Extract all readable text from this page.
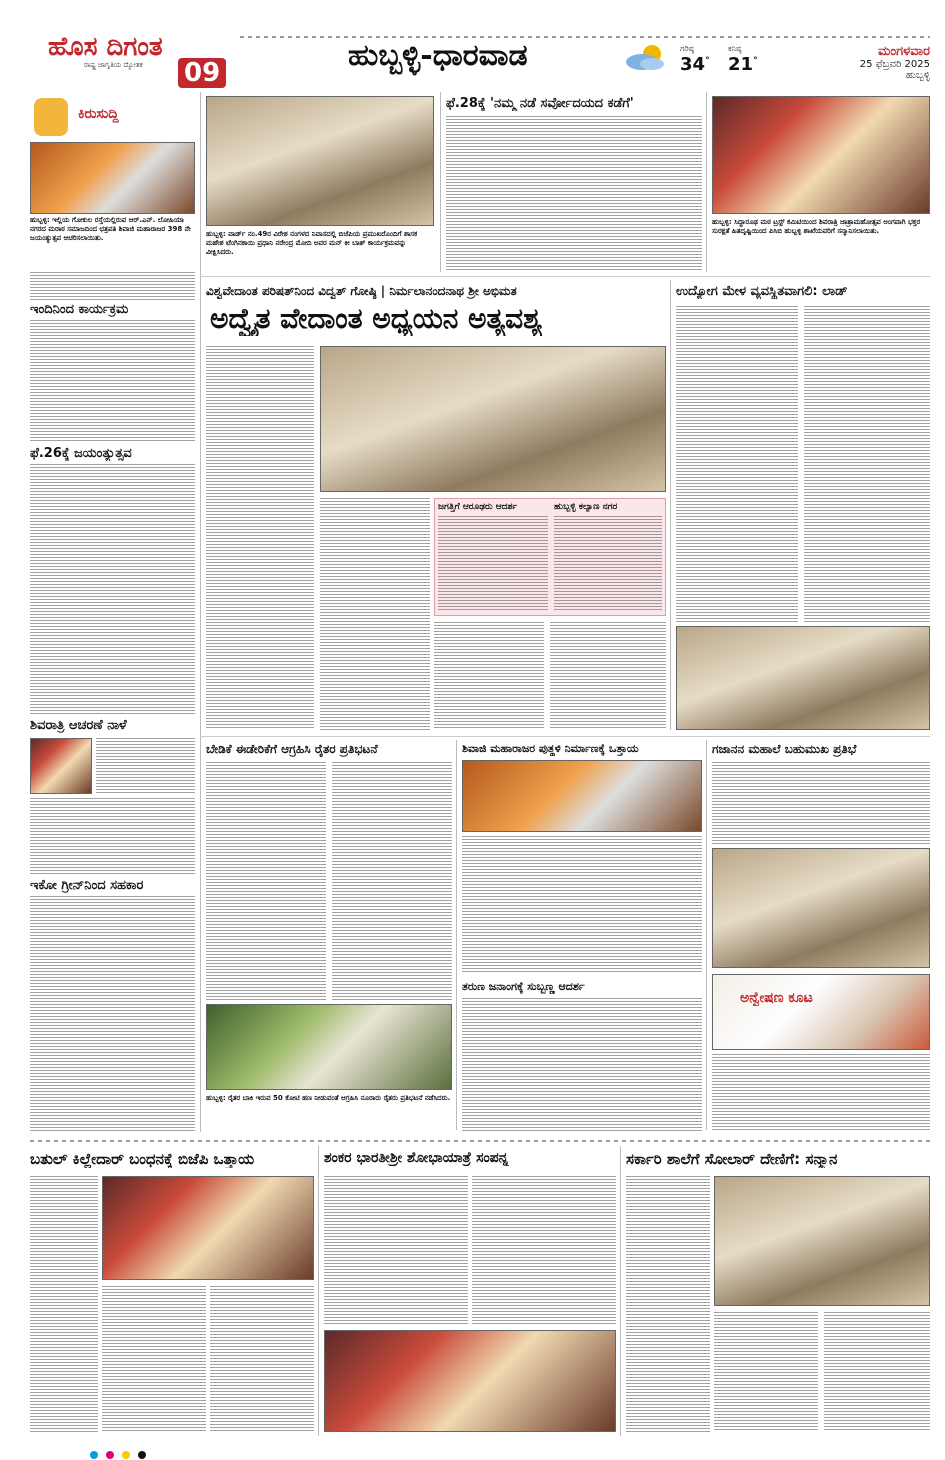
ಹೊಸ ದಿಗಂತ
ರಾಷ್ಟ್ರ ಜಾಗೃತಿಯ ದ್ಯೋತಕ 09	ಹುಬ್ಬಳ್ಳಿ-ಧಾರವಾಡ	ಗರಿಷ್ಠ
34°
ಕನಿಷ್ಠ
21°
ಮಂಗಳವಾರ
25 ಫೆಬ್ರವರಿ 2025
ಹುಬ್ಬಳ್ಳಿ
ಕಿರುಸುದ್ದಿ
ಹುಬ್ಬಳ್ಳಿ: ಇಲ್ಲಿಯ ಗೋಕುಲ ರಸ್ತೆಯಲ್ಲಿರುವ ಆರ್.ಎನ್. ಲೋಹಿಯಾ ನಗರದ ಮರಾಠ ಸಮಾಜದಿಂದ ಛತ್ರಪತಿ ಶಿವಾಜಿ ಮಹಾರಾಜರ 398 ನೇ ಜಯಂತ್ಯುತ್ಸವ ಆಚರಿಸಲಾಯಿತು.
ಇಂದಿನಿಂದ ಕಾರ್ಯಕ್ರಮ
ಫೆ.26ಕ್ಕೆ ಜಯಂತ್ಯುತ್ಸವ
ಶಿವರಾತ್ರಿ ಆಚರಣೆ ನಾಳೆ
ಇಕೋ ಗ್ರೀನ್‌ನಿಂದ ಸಹಕಾರ
ಹುಬ್ಬಳ್ಳಿ: ವಾರ್ಡ್ ನಂ.49ರ ವಿರೇಶ ನಂಗಳದ ನಿವಾಸದಲ್ಲಿ ಬಿಜೆಪಿಯ ಪ್ರಮುಖರೊಂದಿಗೆ ಶಾಸಕ ಮಹೇಶ ಟೆಂಗಿನಕಾಯಿ ಪ್ರಧಾನಿ ನರೇಂದ್ರ ಮೋದಿ ಅವರ ಮನ್ ಕೀ ಬಾತ್ ಕಾರ್ಯಕ್ರಮವನ್ನು ವೀಕ್ಷಿಸಿದರು.
ಫೆ.28ಕ್ಕೆ 'ನಮ್ಮ ನಡೆ ಸರ್ವೋದಯದ ಕಡೆಗೆ'
ಹುಬ್ಬಳ್ಳಿ: ಸಿದ್ಧಾರೂಢ ಮಠ ಟ್ರಸ್ಟ್ ಕಮಿಟಿಯಿಂದ ಶಿವರಾತ್ರಿ ಜಾತ್ರಾಮಹೋತ್ಸವ ಅಂಗವಾಗಿ ಭಕ್ತರ ಸುರಕ್ಷತೆ ಹಿತದೃಷ್ಟಿಯಿಂದ ಪಿಸಿಬಿ ಹುಬ್ಬಳ್ಳಿ ಶಾಖೆಯವರಿಗೆ ಸನ್ಮಾನಿಸಲಾಯಿತು.
ವಿಶ್ವವೇದಾಂತ ಪರಿಷತ್‌ನಿಂದ ವಿದ್ವತ್ ಗೋಷ್ಠಿ | ನಿರ್ಮಲಾನಂದನಾಥ ಶ್ರೀ ಅಭಿಮತ
ಅದ್ವೈತ ವೇದಾಂತ ಅಧ್ಯಯನ ಅತ್ಯವಶ್ಯ
ಜಗತ್ತಿಗೆ ಆರೂಢರು ಆದರ್ಶ	ಹುಬ್ಬಳ್ಳಿ ಕಲ್ಯಾಣ ನಗರ
ಉದ್ಯೋಗ ಮೇಳ ವ್ಯವಸ್ಥಿತವಾಗಲಿ: ಲಾಡ್
ಬೇಡಿಕೆ ಈಡೇರಿಕೆಗೆ ಆಗ್ರಹಿಸಿ ರೈತರ ಪ್ರತಿಭಟನೆ
ಹುಬ್ಬಳ್ಳಿ: ರೈತರ ಬಾಕಿ ಇರುವ 50 ಕೋಟಿ ಹಣ ನೀಡುವಂತೆ ಆಗ್ರಹಿಸಿ ನೂರಾರು ರೈತರು ಪ್ರತಿಭಟನೆ ನಡೆಸಿದರು.
ಶಿವಾಜಿ ಮಹಾರಾಜರ ಪುತ್ಥಳಿ ನಿರ್ಮಾಣಕ್ಕೆ ಒತ್ತಾಯ
ತರುಣ ಜನಾಂಗಕ್ಕೆ ಸುಬ್ಬಣ್ಣ ಆದರ್ಶ
ಗಜಾನನ ಮಹಾಲೆ ಬಹುಮುಖ ಪ್ರತಿಭೆ
ಅನ್ವೇಷಣ ಕೂಟ
ಬತುಲ್ ಕಿಲ್ಲೇದಾರ್ ಬಂಧನಕ್ಕೆ ಬಿಜೆಪಿ ಒತ್ತಾಯ	ಶಂಕರ ಭಾರತೀಶ್ರೀ ಶೋಭಾಯಾತ್ರೆ ಸಂಪನ್ನ	ಸರ್ಕಾರಿ ಶಾಲೆಗೆ ಸೋಲಾರ್ ದೇಣಿಗೆ: ಸನ್ಮಾನ
